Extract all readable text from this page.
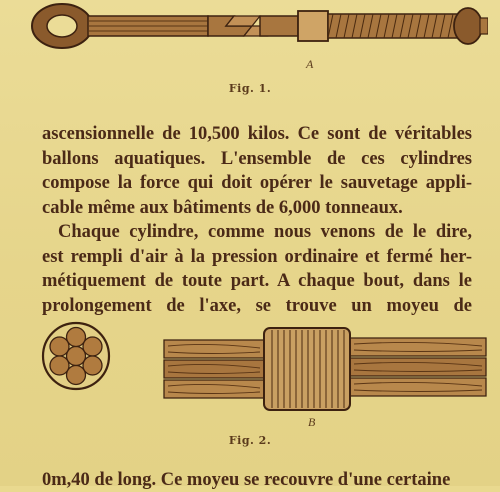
A
Fig. 1.
ascensionnelle de 10,500 kilos. Ce sont de véritables
ballons aquatiques. L'ensemble de ces cylindres
compose la force qui doit opérer le sauvetage appli-
cable même aux bâtiments de 6,000 tonneaux.
Chaque cylindre, comme nous venons de le dire,
est rempli d'air à la pression ordinaire et fermé her-
métiquement de toute part. A chaque bout, dans le
prolongement de l'axe, se trouve un moyeu de
B
Fig. 2.
0m,40 de long. Ce moyeu se recouvre d'une certaine
